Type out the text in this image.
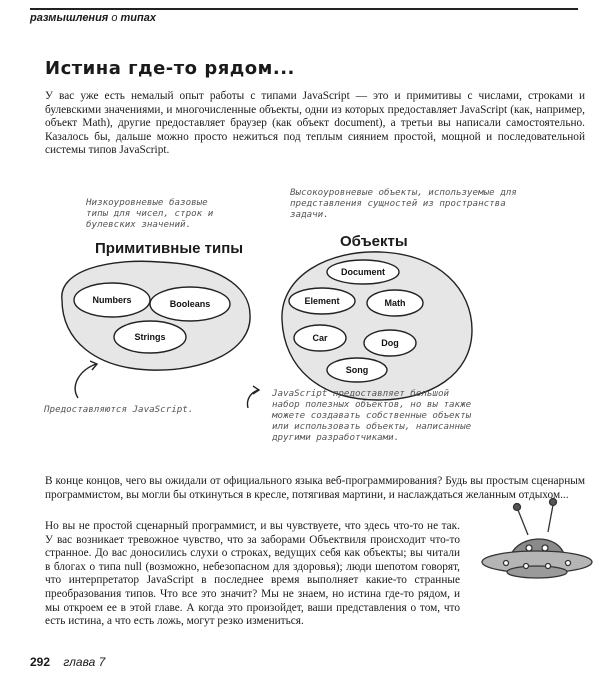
размышления о типах
Истина где-то рядом...
У вас уже есть немалый опыт работы с типами JavaScript — это и примитивы с числами, строками и булевскими значениями, и многочисленные объекты, одни из которых предоставляет JavaScript (как, например, объект Math), другие предоставляет браузер (как объект document), а третьи вы написали самостоятельно. Казалось бы, дальше можно просто нежиться под теплым сиянием простой, мощной и последовательной системы типов JavaScript.
Низкоуровневые базовые типы для чисел, строк и булевских значений.
Высокоуровневые объекты, используемые для представления сущностей из пространства задачи.
Примитивные типы	Объекты
Numbers	Booleans
Strings
Document
Element	Math
Car	Dog
Song
Предоставляются JavaScript.
JavaScript предоставляет большой набор полезных объектов, но вы также можете создавать собственные объекты или использовать объекты, написанные другими разработчиками.
В конце концов, чего вы ожидали от официального языка веб-программирования? Будь вы простым сценарным программистом, вы могли бы откинуться в кресле, потягивая мартини, и наслаждаться желанным отдыхом...
Но вы не простой сценарный программист, и вы чувствуете, что здесь что-то не так. У вас возникает тревожное чувство, что за заборами Объектвиля происходит что-то странное. До вас доносились слухи о строках, ведущих себя как объекты; вы читали в блогах о типа null (возможно, небезопасном для здоровья); люди шепотом говорят, что интерпретатор JavaScript в последнее время выполняет какие-то странные преобразования типов. Что все это значит? Мы не знаем, но истина где-то рядом, и мы откроем ее в этой главе. А когда это произойдет, ваши представления о том, что есть истина, а что есть ложь, могут резко измениться.
292 глава 7
